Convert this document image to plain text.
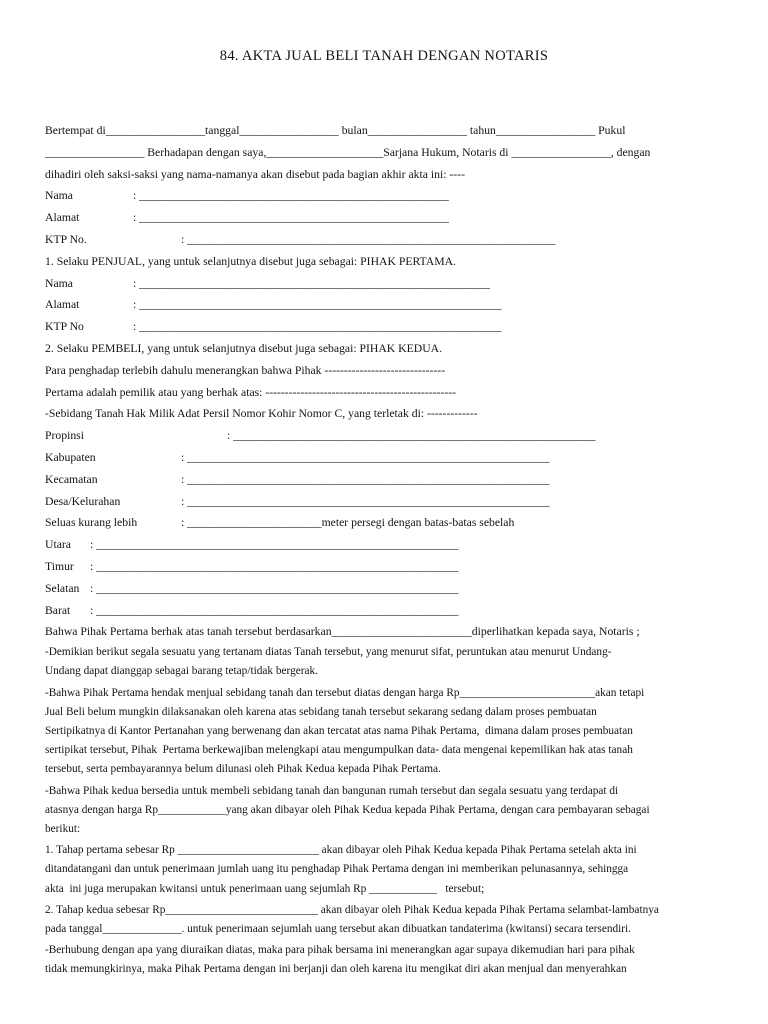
84. AKTA JUAL BELI TANAH DENGAN NOTARIS
Bertempat di_________________tanggal_________________ bulan_________________ tahun_________________ Pukul
_________________ Berhadapan dengan saya,____________________Sarjana Hukum, Notaris di _________________, dengan
dihadiri oleh saksi-saksi yang nama-namanya akan disebut pada bagian akhir akta ini: ----
Nama	: _____________________________________________________
Alamat	: _____________________________________________________
KTP No.	: _______________________________________________________________
1. Selaku PENJUAL, yang untuk selanjutnya disebut juga sebagai: PIHAK PERTAMA.
Nama	: ____________________________________________________________
Alamat	: ______________________________________________________________
KTP No	: ______________________________________________________________
2. Selaku PEMBELI, yang untuk selanjutnya disebut juga sebagai: PIHAK KEDUA.
Para penghadap terlebih dahulu menerangkan bahwa Pihak -------------------------------
Pertama adalah pemilik atau yang berhak atas: -------------------------------------------------
-Sebidang Tanah Hak Milik Adat Persil Nomor Kohir Nomor C, yang terletak di: -------------
Propinsi	: ______________________________________________________________
Kabupaten	: ______________________________________________________________
Kecamatan	: ______________________________________________________________
Desa/Kelurahan	: ______________________________________________________________
Seluas kurang lebih	: _______________________meter persegi dengan batas-batas sebelah
Utara	: ______________________________________________________________
Timur	: ______________________________________________________________
Selatan : ______________________________________________________________
Barat	: ______________________________________________________________
Bahwa Pihak Pertama berhak atas tanah tersebut berdasarkan________________________diperlihatkan kepada saya, Notaris ;
-Demikian berikut segala sesuatu yang tertanam diatas Tanah tersebut, yang menurut sifat, peruntukan atau menurut Undang-
Undang dapat dianggap sebagai barang tetap/tidak bergerak.
-Bahwa Pihak Pertama hendak menjual sebidang tanah dan tersebut diatas dengan harga Rp________________________akan tetapi
Jual Beli belum mungkin dilaksanakan oleh karena atas sebidang tanah tersebut sekarang sedang dalam proses pembuatan
Sertipikatnya di Kantor Pertanahan yang berwenang dan akan tercatat atas nama Pihak Pertama,  dimana dalam proses pembuatan
sertipikat tersebut, Pihak  Pertama berkewajiban melengkapi atau mengumpulkan data- data mengenai kepemilikan hak atas tanah
tersebut, serta pembayarannya belum dilunasi oleh Pihak Kedua kepada Pihak Pertama.
-Bahwa Pihak kedua bersedia untuk membeli sebidang tanah dan bangunan rumah tersebut dan segala sesuatu yang terdapat di
atasnya dengan harga Rp____________yang akan dibayar oleh Pihak Kedua kepada Pihak Pertama, dengan cara pembayaran sebagai
berikut:
1. Tahap pertama sebesar Rp _________________________ akan dibayar oleh Pihak Kedua kepada Pihak Pertama setelah akta ini
ditandatangani dan untuk penerimaan jumlah uang itu penghadap Pihak Pertama dengan ini memberikan pelunasannya, sehingga
akta  ini juga merupakan kwitansi untuk penerimaan uang sejumlah Rp ____________   tersebut;
2. Tahap kedua sebesar Rp___________________________ akan dibayar oleh Pihak Kedua kepada Pihak Pertama selambat-lambatnya
pada tanggal______________. untuk penerimaan sejumlah uang tersebut akan dibuatkan tandaterima (kwitansi) secara tersendiri.
-Berhubung dengan apa yang diuraikan diatas, maka para pihak bersama ini menerangkan agar supaya dikemudian hari para pihak
tidak memungkirinya, maka Pihak Pertama dengan ini berjanji dan oleh karena itu mengikat diri akan menjual dan menyerahkan
